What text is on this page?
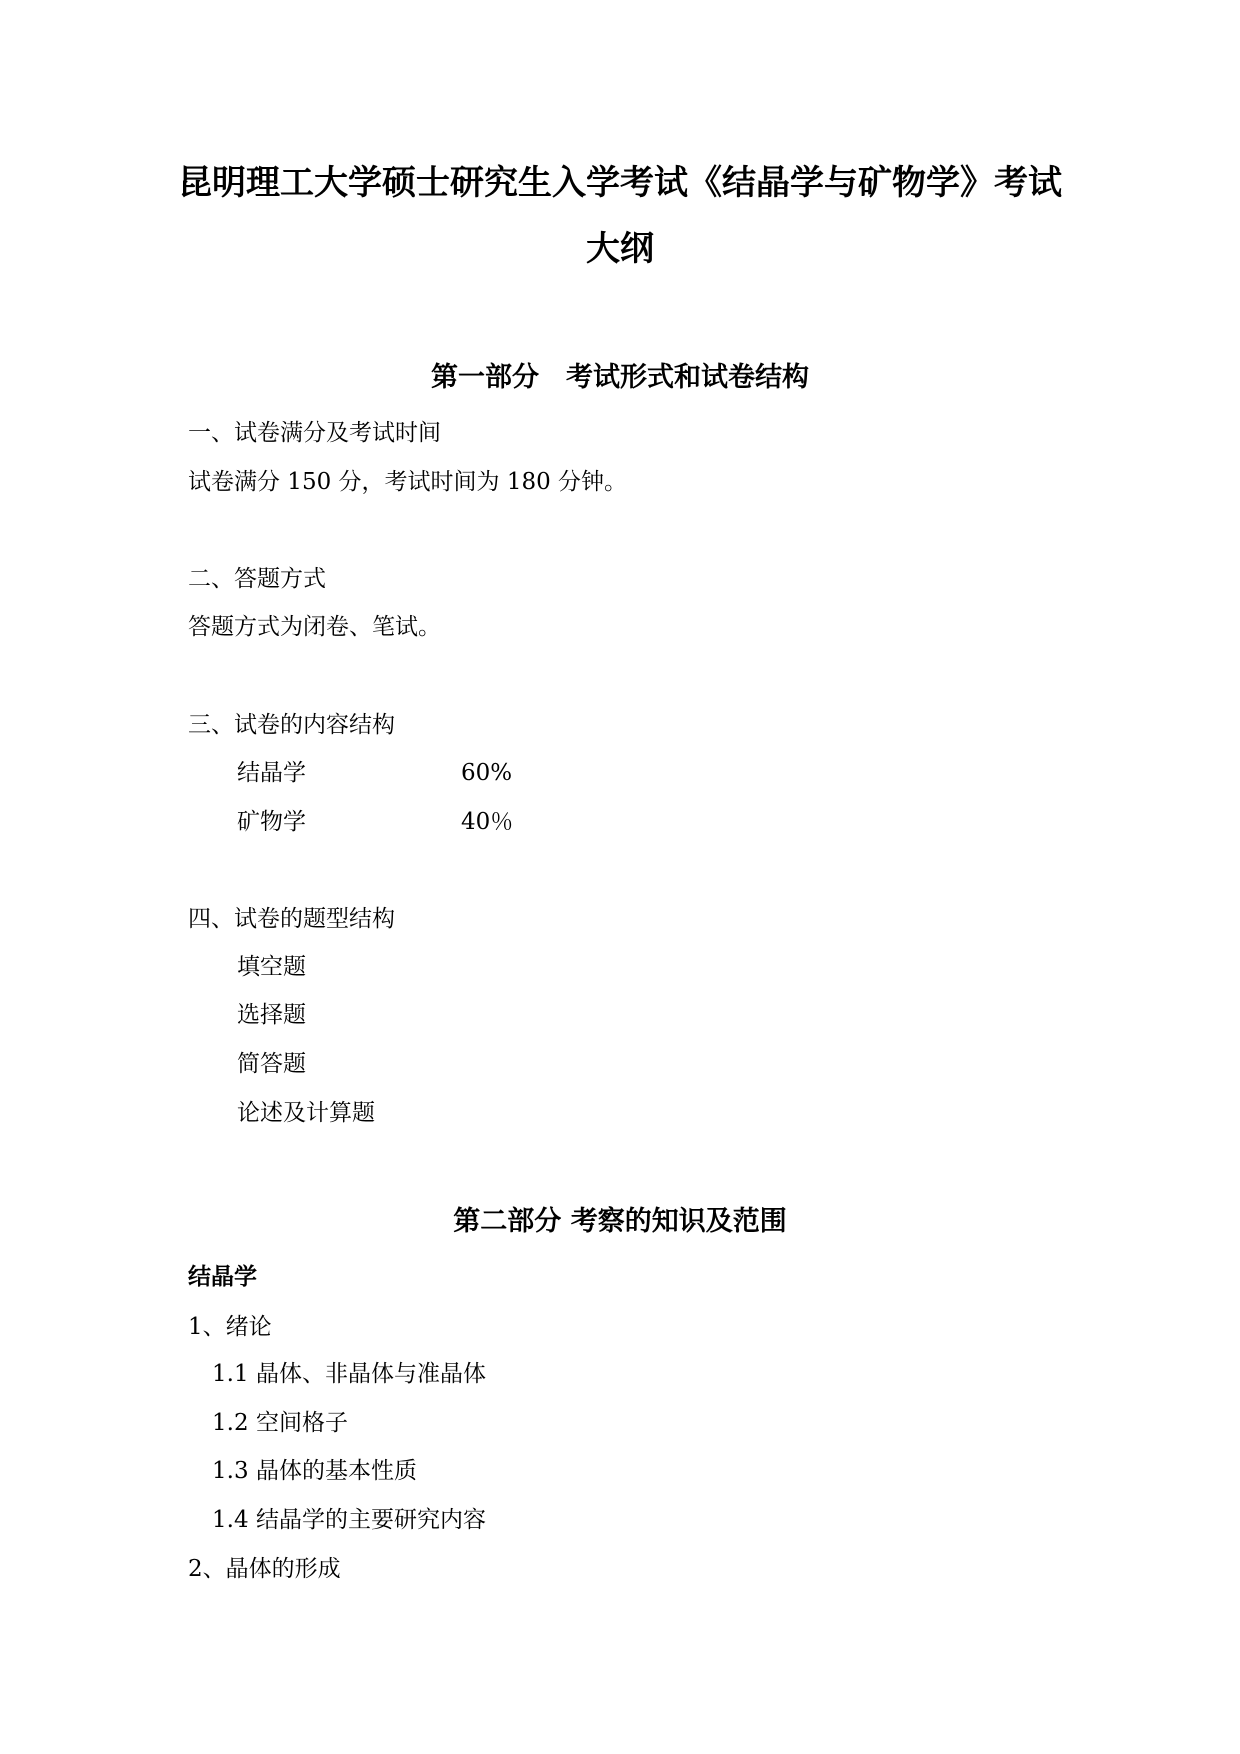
昆明理工大学硕士研究生入学考试《结晶学与矿物学》考试
大纲
第一部分　考试形式和试卷结构
一、试卷满分及考试时间
试卷满分 150 分，考试时间为 180 分钟。
二、答题方式
答题方式为闭卷、笔试。
三、试卷的内容结构
结晶学	60%
矿物学	40％
四、试卷的题型结构
填空题
选择题
简答题
论述及计算题
第二部分 考察的知识及范围
结晶学
1、绪论
1.1 晶体、非晶体与准晶体
1.2 空间格子
1.3 晶体的基本性质
1.4 结晶学的主要研究内容
2、晶体的形成
